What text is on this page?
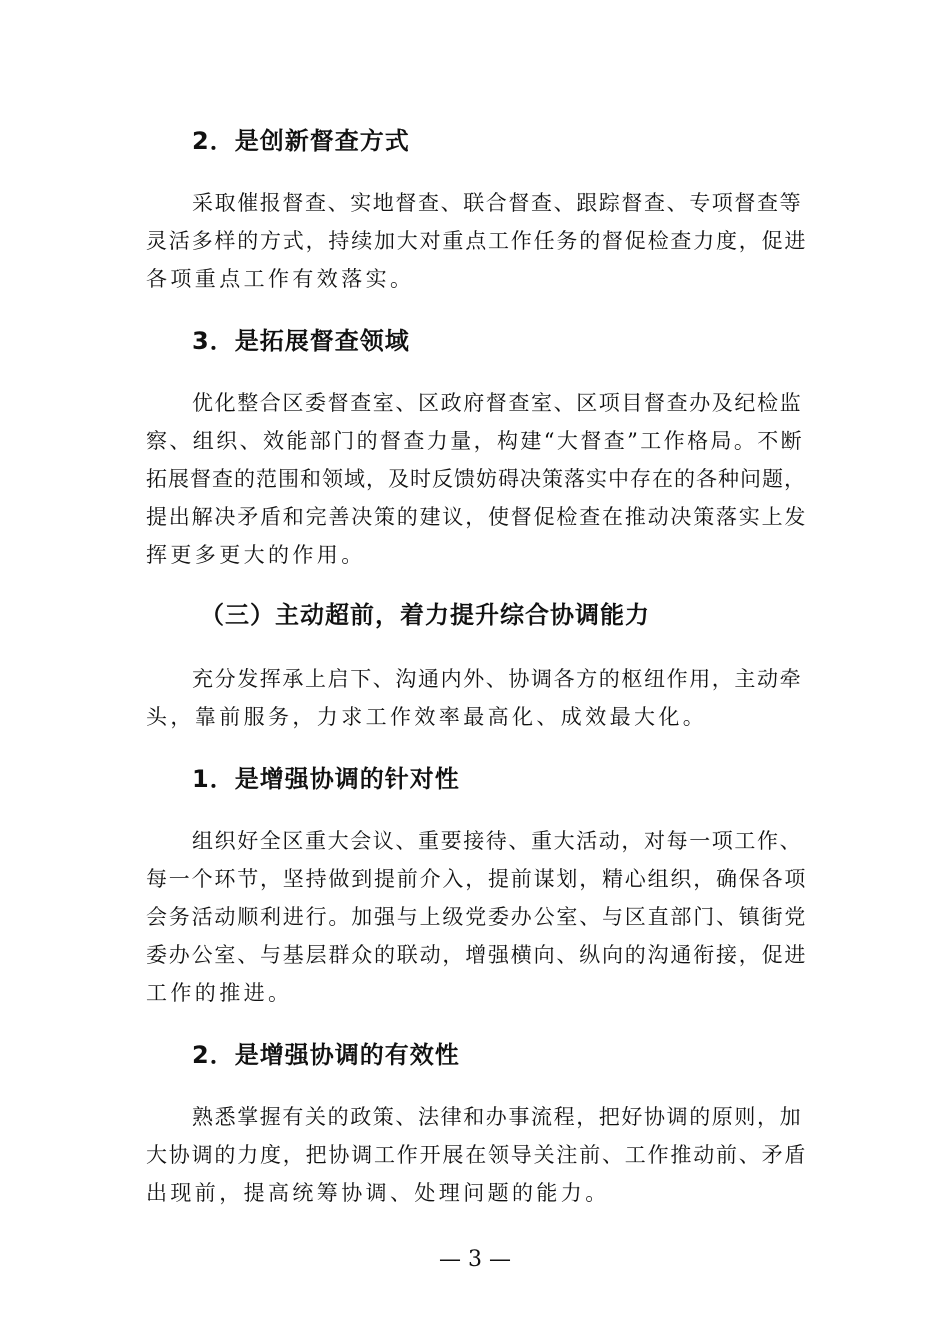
2．是创新督查方式
采取催报督查、实地督查、联合督查、跟踪督查、专项督查等
灵活多样的方式，持续加大对重点工作任务的督促检查力度，促进
各项重点工作有效落实。
3．是拓展督查领域
优化整合区委督查室、区政府督查室、区项目督查办及纪检监
察、组织、效能部门的督查力量，构建“大督查”工作格局。不断
拓展督查的范围和领域，及时反馈妨碍决策落实中存在的各种问题，
提出解决矛盾和完善决策的建议，使督促检查在推动决策落实上发
挥更多更大的作用。
（三）主动超前，着力提升综合协调能力
充分发挥承上启下、沟通内外、协调各方的枢纽作用，主动牵
头，靠前服务，力求工作效率最高化、成效最大化。
1．是增强协调的针对性
组织好全区重大会议、重要接待、重大活动，对每一项工作、
每一个环节，坚持做到提前介入，提前谋划，精心组织，确保各项
会务活动顺利进行。加强与上级党委办公室、与区直部门、镇街党
委办公室、与基层群众的联动，增强横向、纵向的沟通衔接，促进
工作的推进。
2．是增强协调的有效性
熟悉掌握有关的政策、法律和办事流程，把好协调的原则，加
大协调的力度，把协调工作开展在领导关注前、工作推动前、矛盾
出现前，提高统筹协调、处理问题的能力。
— 3 —
